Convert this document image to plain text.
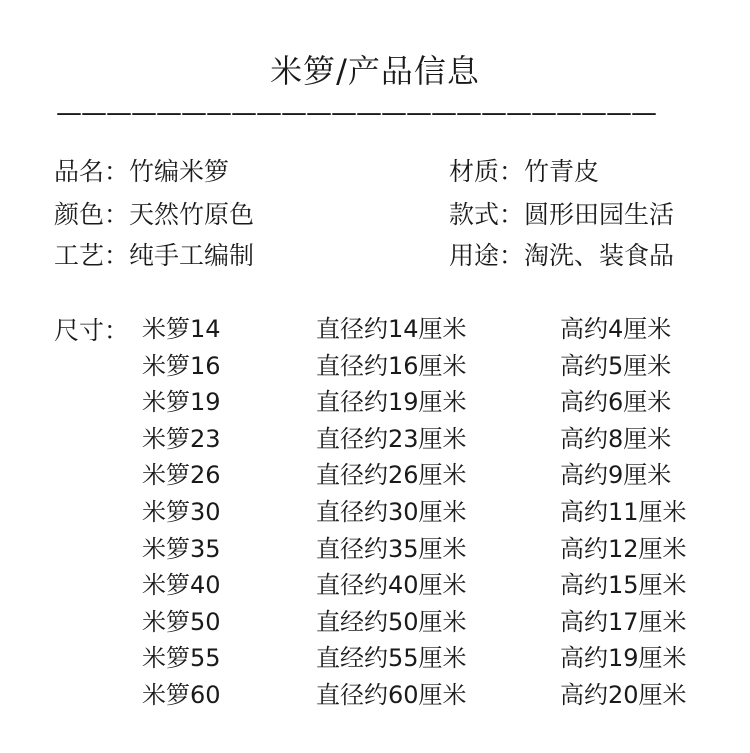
米箩/产品信息
————————————————————————
品名：竹编米箩	材质：竹青皮
颜色：天然竹原色	款式：圆形田园生活
工艺：纯手工编制	用途：淘洗、装食品
尺寸： 米箩14	直径约14厘米	高约4厘米
米箩16	直径约16厘米	高约5厘米
米箩19	直径约19厘米	高约6厘米
米箩23	直径约23厘米	高约8厘米
米箩26	直径约26厘米	高约9厘米
米箩30	直径约30厘米	高约11厘米
米箩35	直径约35厘米	高约12厘米
米箩40	直径约40厘米	高约15厘米
米箩50	直经约50厘米	高约17厘米
米箩55	直经约55厘米	高约19厘米
米箩60	直径约60厘米	高约20厘米
